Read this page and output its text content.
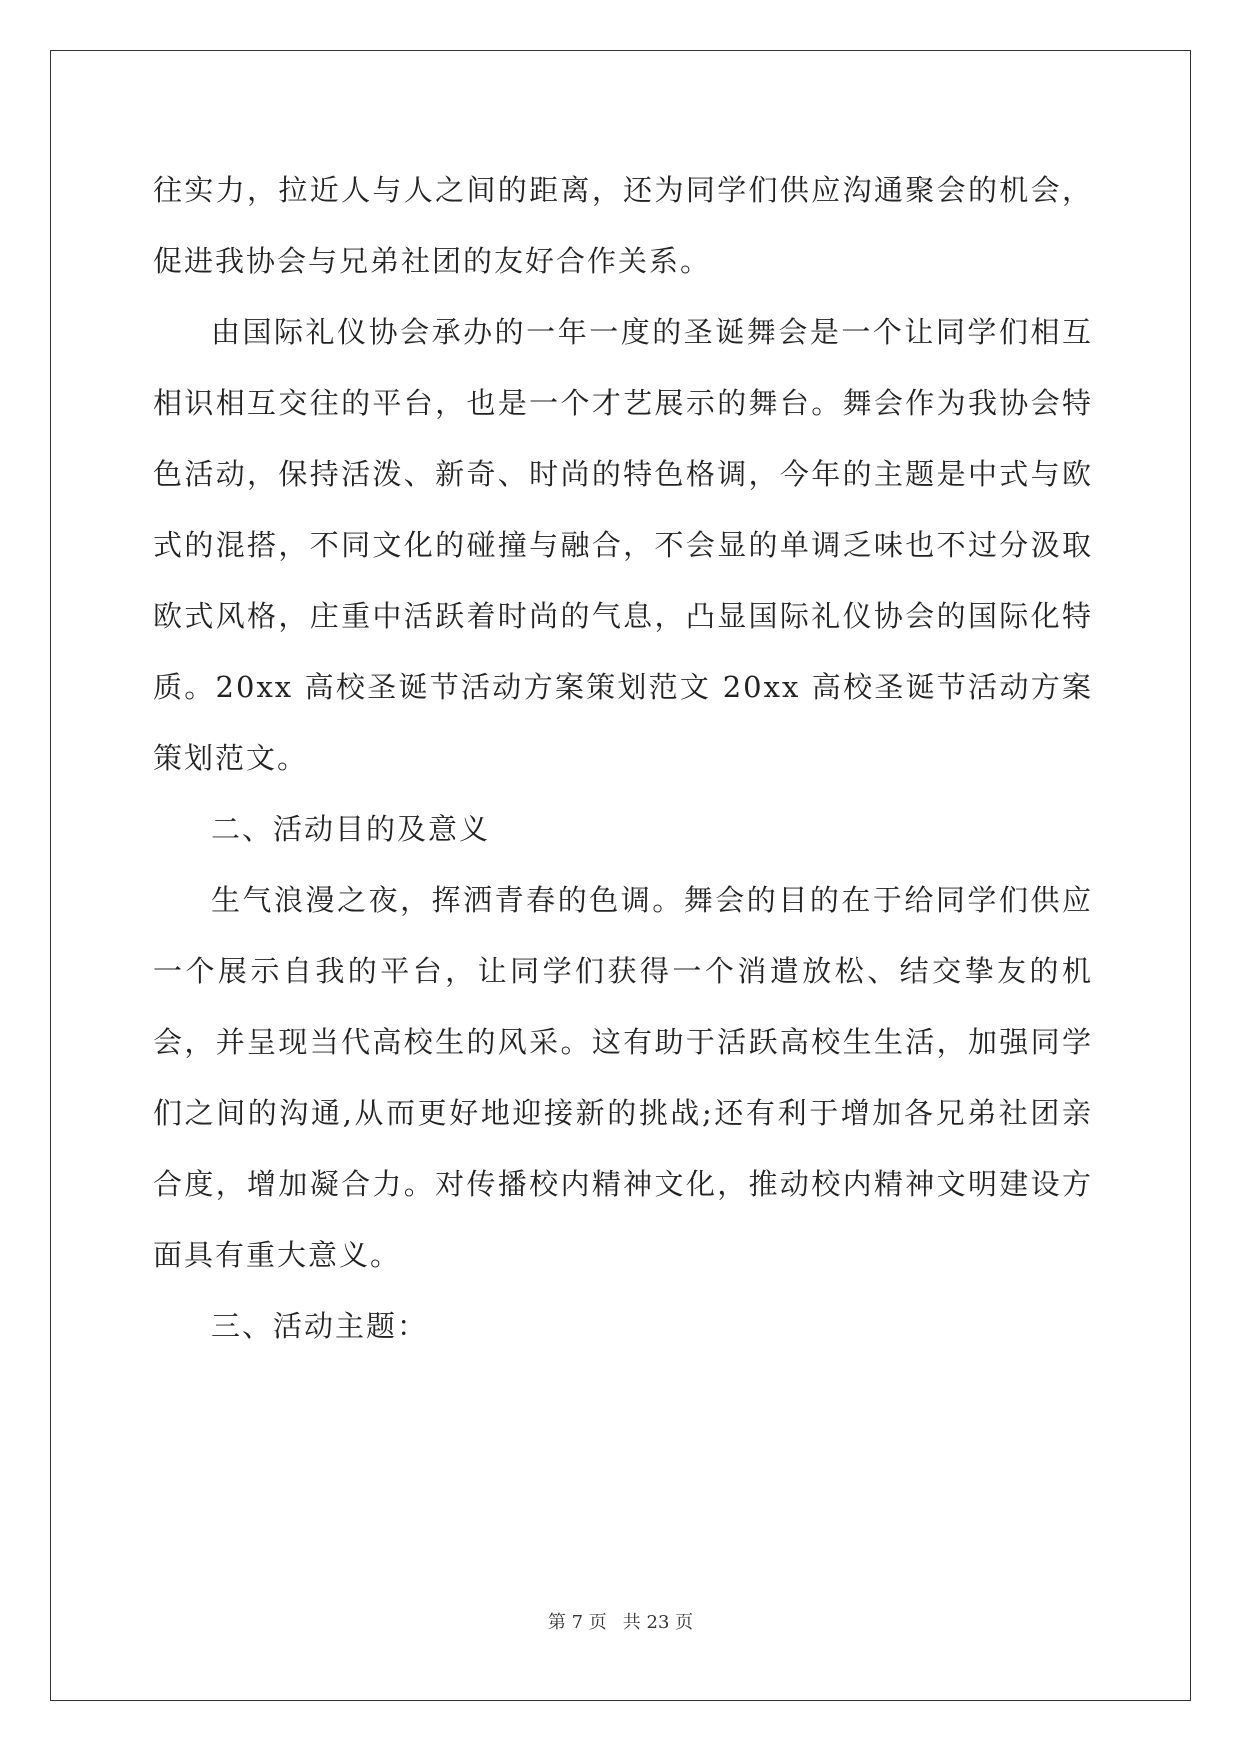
往实力，拉近人与人之间的距离，还为同学们供应沟通聚会的机会，促进我协会与兄弟社团的友好合作关系。

由国际礼仪协会承办的一年一度的圣诞舞会是一个让同学们相互相识相互交往的平台，也是一个才艺展示的舞台。舞会作为我协会特色活动，保持活泼、新奇、时尚的特色格调，今年的主题是中式与欧式的混搭，不同文化的碰撞与融合，不会显的单调乏味也不过分汲取欧式风格，庄重中活跃着时尚的气息，凸显国际礼仪协会的国际化特质。20xx 高校圣诞节活动方案策划范文 20xx 高校圣诞节活动方案策划范文。

二、活动目的及意义

生气浪漫之夜，挥洒青春的色调。舞会的目的在于给同学们供应一个展示自我的平台，让同学们获得一个消遣放松、结交挚友的机会，并呈现当代高校生的风采。这有助于活跃高校生生活，加强同学们之间的沟通,从而更好地迎接新的挑战;还有利于增加各兄弟社团亲合度，增加凝合力。对传播校内精神文化，推动校内精神文明建设方面具有重大意义。

三、活动主题：

第 7 页 共 23 页
